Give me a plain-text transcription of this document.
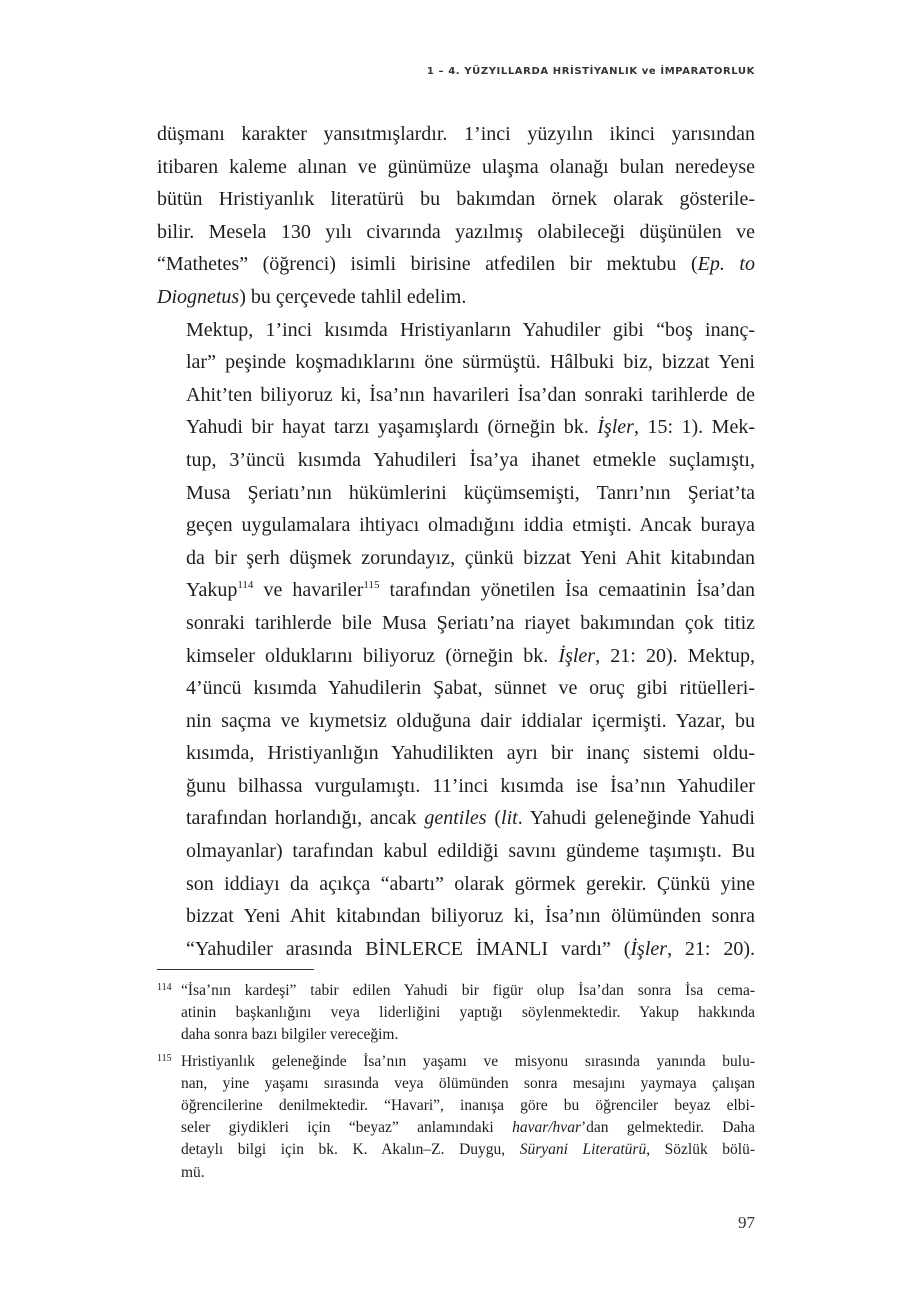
1 – 4. YÜZYILLARDA HRİSTİYANLIK ve İMPARATORLUK

düşmanı karakter yansıtmışlardır. 1’inci yüzyılın ikinci yarısından
itibaren kaleme alınan ve günümüze ulaşma olanağı bulan neredeyse
bütün Hristiyanlık literatürü bu bakımdan örnek olarak gösterile-
bilir. Mesela 130 yılı civarında yazılmış olabileceği düşünülen ve
“Mathetes” (öğrenci) isimli birisine atfedilen bir mektubu (Ep. to
Diognetus) bu çerçevede tahlil edelim.

Mektup, 1’inci kısımda Hristiyanların Yahudiler gibi “boş inanç-
lar” peşinde koşmadıklarını öne sürmüştü. Hâlbuki biz, bizzat Yeni
Ahit’ten biliyoruz ki, İsa’nın havarileri İsa’dan sonraki tarihlerde de
Yahudi bir hayat tarzı yaşamışlardı (örneğin bk. İşler, 15: 1). Mek-
tup, 3’üncü kısımda Yahudileri İsa’ya ihanet etmekle suçlamıştı,
Musa Şeriatı’nın hükümlerini küçümsemişti, Tanrı’nın Şeriat’ta
geçen uygulamalara ihtiyacı olmadığını iddia etmişti. Ancak buraya
da bir şerh düşmek zorundayız, çünkü bizzat Yeni Ahit kitabından
Yakup$^{114}$ ve havariler$^{115}$ tarafından yönetilen İsa cemaatinin İsa’dan
sonraki tarihlerde bile Musa Şeriatı’na riayet bakımından çok titiz
kimseler olduklarını biliyoruz (örneğin bk. İşler, 21: 20). Mektup,
4’üncü kısımda Yahudilerin Şabat, sünnet ve oruç gibi ritüelleri-
nin saçma ve kıymetsiz olduğuna dair iddialar içermişti. Yazar, bu
kısımda, Hristiyanlığın Yahudilikten ayrı bir inanç sistemi oldu-
ğunu bilhassa vurgulamıştı. 11’inci kısımda ise İsa’nın Yahudiler
tarafından horlandığı, ancak gentiles (lit. Yahudi geleneğinde Yahudi
olmayanlar) tarafından kabul edildiği savını gündeme taşımıştı. Bu
son iddiayı da açıkça “abartı” olarak görmek gerekir. Çünkü yine
bizzat Yeni Ahit kitabından biliyoruz ki, İsa’nın ölümünden sonra
“Yahudiler arasında BİNLERCE İMANLI vardı” (İşler, 21: 20).

114 “İsa’nın kardeşi” tabir edilen Yahudi bir figür olup İsa’dan sonra İsa cema-
atinin başkanlığını veya liderliğini yaptığı söylenmektedir. Yakup hakkında
daha sonra bazı bilgiler vereceğim.
115 Hristiyanlık geleneğinde İsa’nın yaşamı ve misyonu sırasında yanında bulu-
nan, yine yaşamı sırasında veya ölümünden sonra mesajını yaymaya çalışan
öğrencilerine denilmektedir. “Havari”, inanışa göre bu öğrenciler beyaz elbi-
seler giydikleri için “beyaz” anlamındaki havar/hvar’dan gelmektedir. Daha
detaylı bilgi için bk. K. Akalın–Z. Duygu, Süryani Literatürü, Sözlük bölü-
mü.
97
